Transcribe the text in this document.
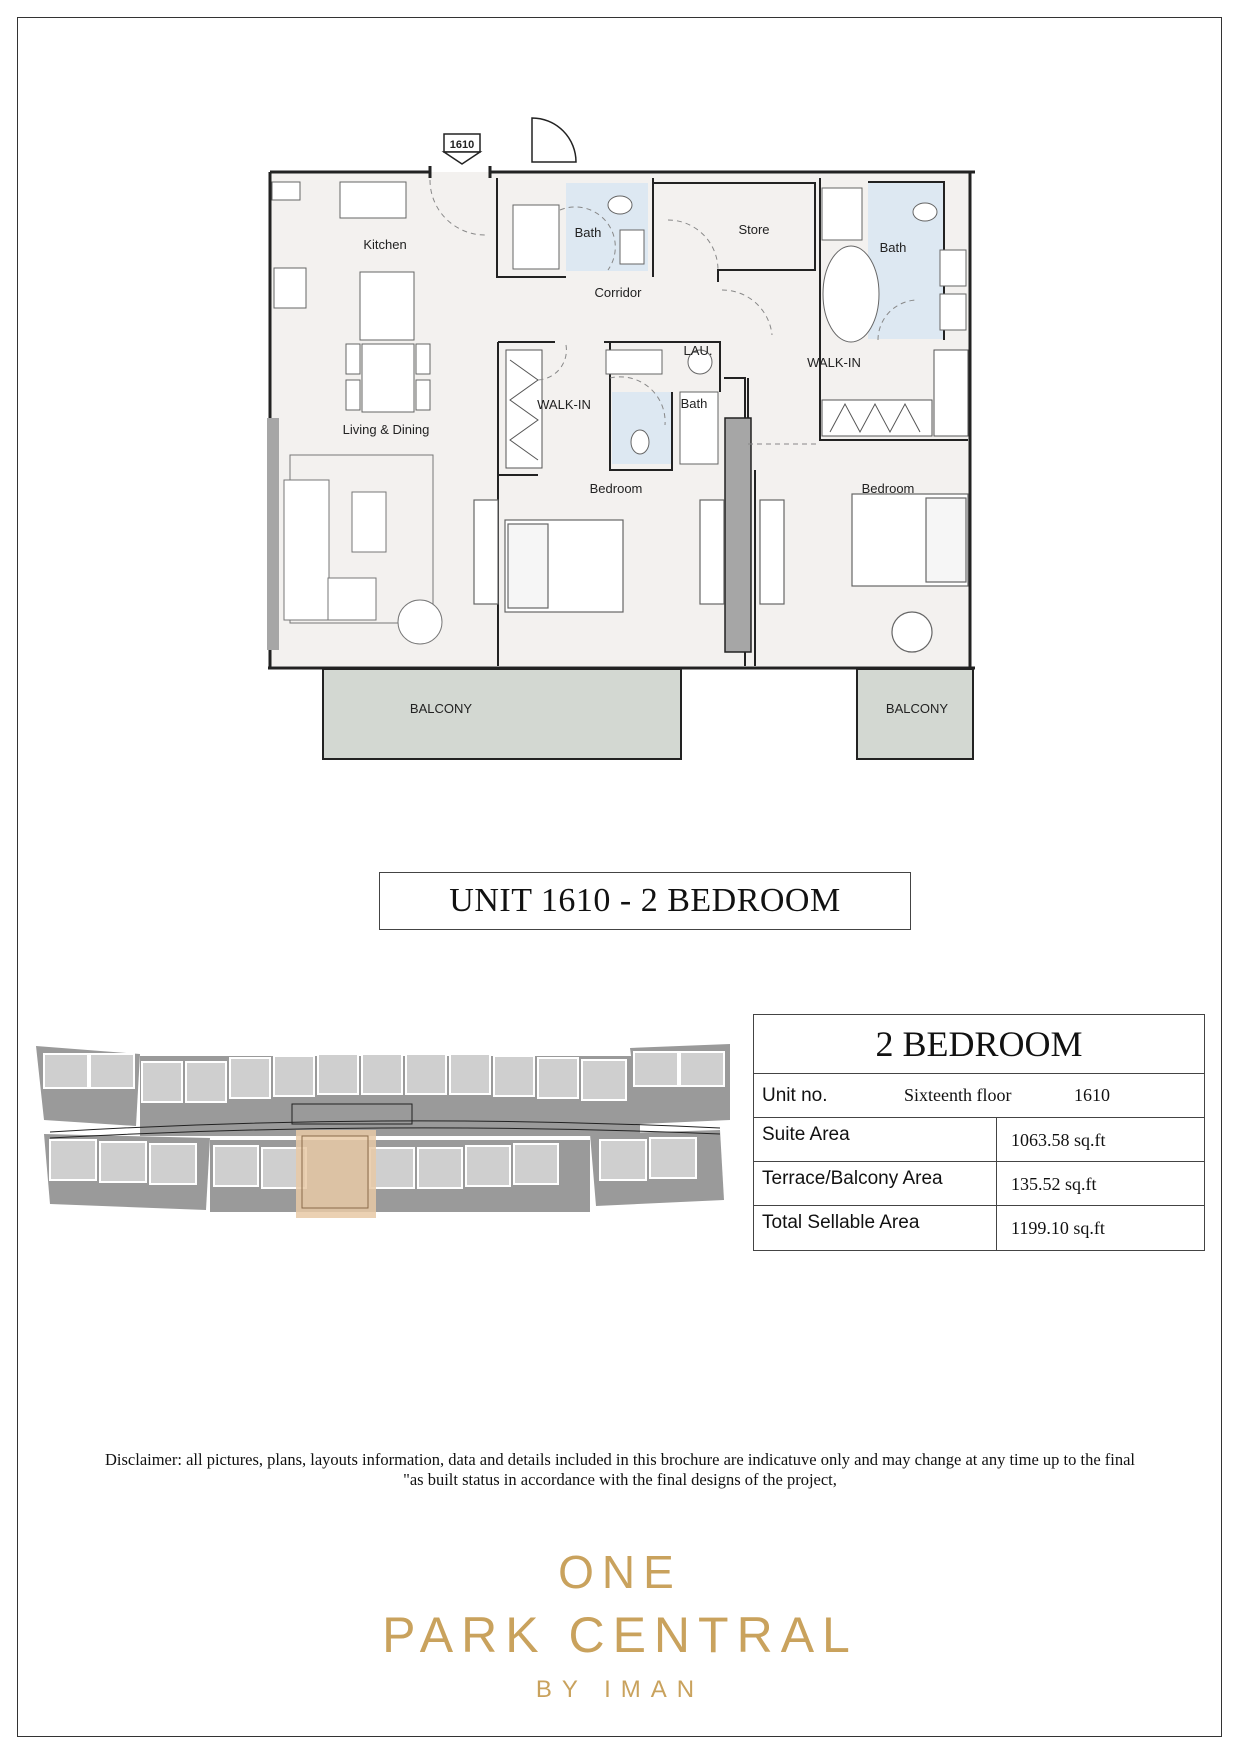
1610
Kitchen
Bath	Store
Bath
Corridor
LAU.
WALK-IN
WALK-IN	Bath
Living & Dining
Bedroom	Bedroom
BALCONY	BALCONY
UNIT 1610 - 2 BEDROOM
2 BEDROOM
Unit no.	Sixteenth floor	1610
Suite Area	1063.58 sq.ft
Terrace/Balcony Area	135.52 sq.ft
Total Sellable Area	1199.10 sq.ft
Disclaimer: all pictures, plans, layouts information, data and details included in this brochure are indicatuve only and may change at any time up to the final
"as built status in accordance with the final designs of the project,
ONE
PARK CENTRAL
BY IMAN
